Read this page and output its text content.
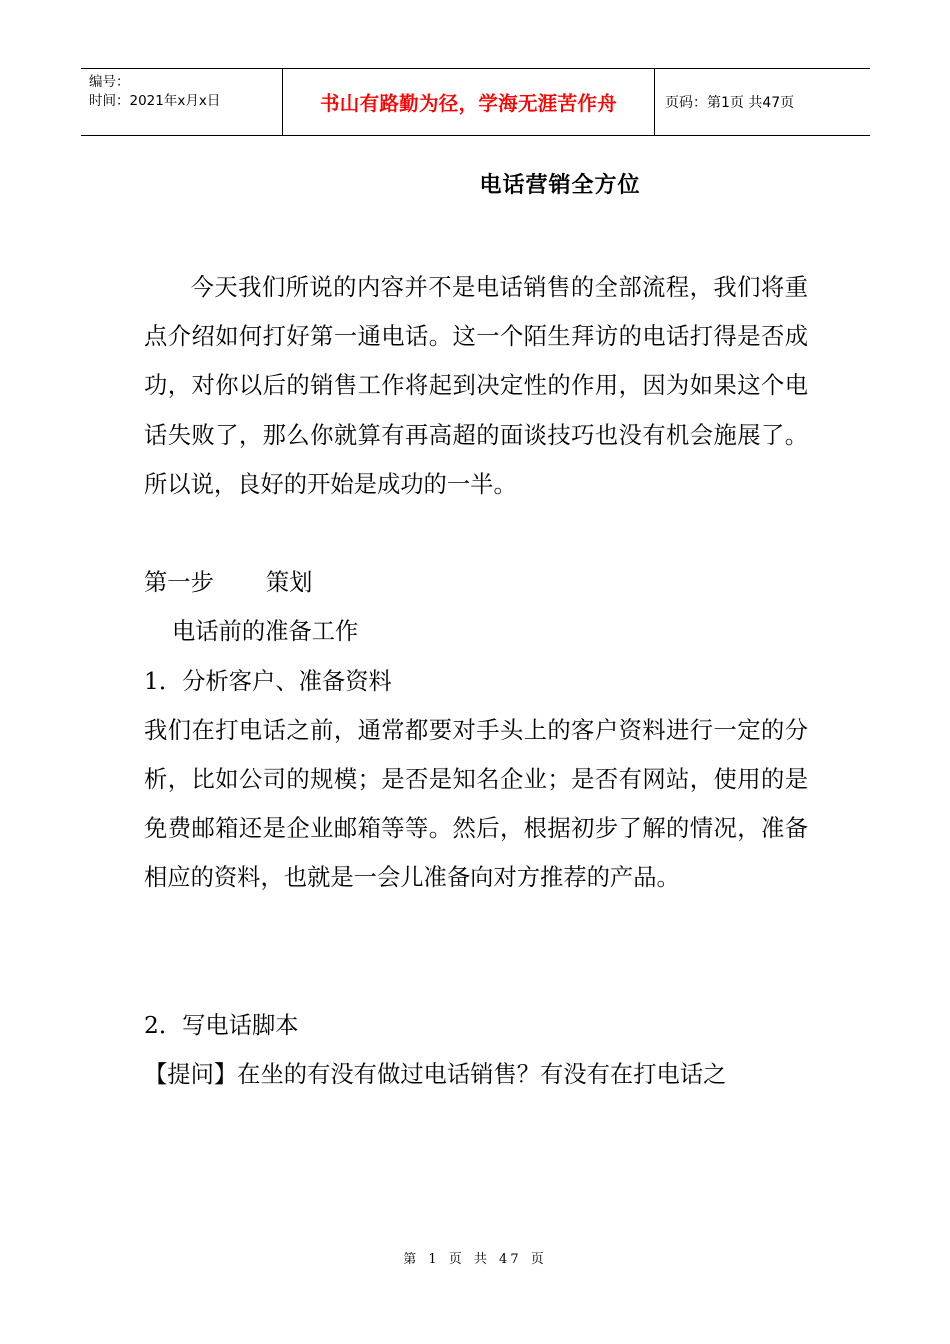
编号：
时间：2021年x月x日	书山有路勤为径，学海无涯苦作舟	页码：第1页 共47页
电话营销全方位

今天我们所说的内容并不是电话销售的全部流程，我们将重点介绍如何打好第一通电话。这一个陌生拜访的电话打得是否成功，对你以后的销售工作将起到决定性的作用，因为如果这个电话失败了，那么你就算有再高超的面谈技巧也没有机会施展了。所以说，良好的开始是成功的一半。

第一步 策划

电话前的准备工作

1．分析客户、准备资料

我们在打电话之前，通常都要对手头上的客户资料进行一定的分析，比如公司的规模；是否是知名企业；是否有网站，使用的是免费邮箱还是企业邮箱等等。然后，根据初步了解的情况，准备相应的资料，也就是一会儿准备向对方推荐的产品。

2．写电话脚本

【提问】在坐的有没有做过电话销售？有没有在打电话之

第 1 页 共 47 页
